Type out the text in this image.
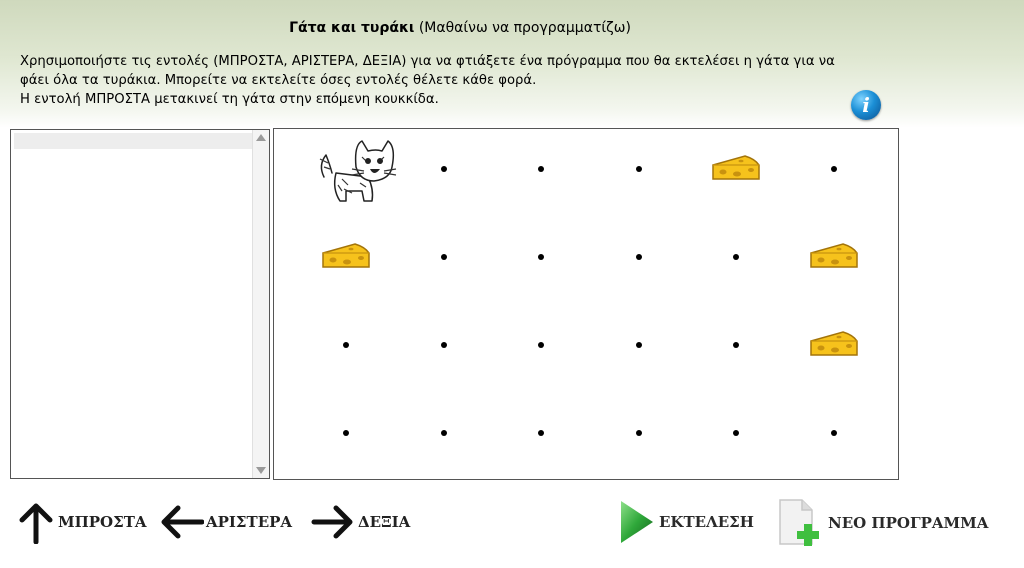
Γάτα και τυράκι (Μαθαίνω να προγραμματίζω)
Χρησιμοποιήστε τις εντολές (ΜΠΡΟΣΤΑ, ΑΡΙΣΤΕΡΑ, ΔΕΞΙΑ) για να φτιάξετε ένα πρόγραμμα που θα εκτελέσει η γάτα για να
φάει όλα τα τυράκια. Μπορείτε να εκτελείτε όσες εντολές θέλετε κάθε φορά.
Η εντολή ΜΠΡΟΣΤΑ μετακινεί τη γάτα στην επόμενη κουκκίδα.	i
ΜΠΡΟΣΤΑ	ΑΡΙΣΤΕΡΑ	ΔΕΞΙΑ	ΕΚΤΕΛΕΣΗ	ΝΕΟ ΠΡΟΓΡΑΜΜΑ
